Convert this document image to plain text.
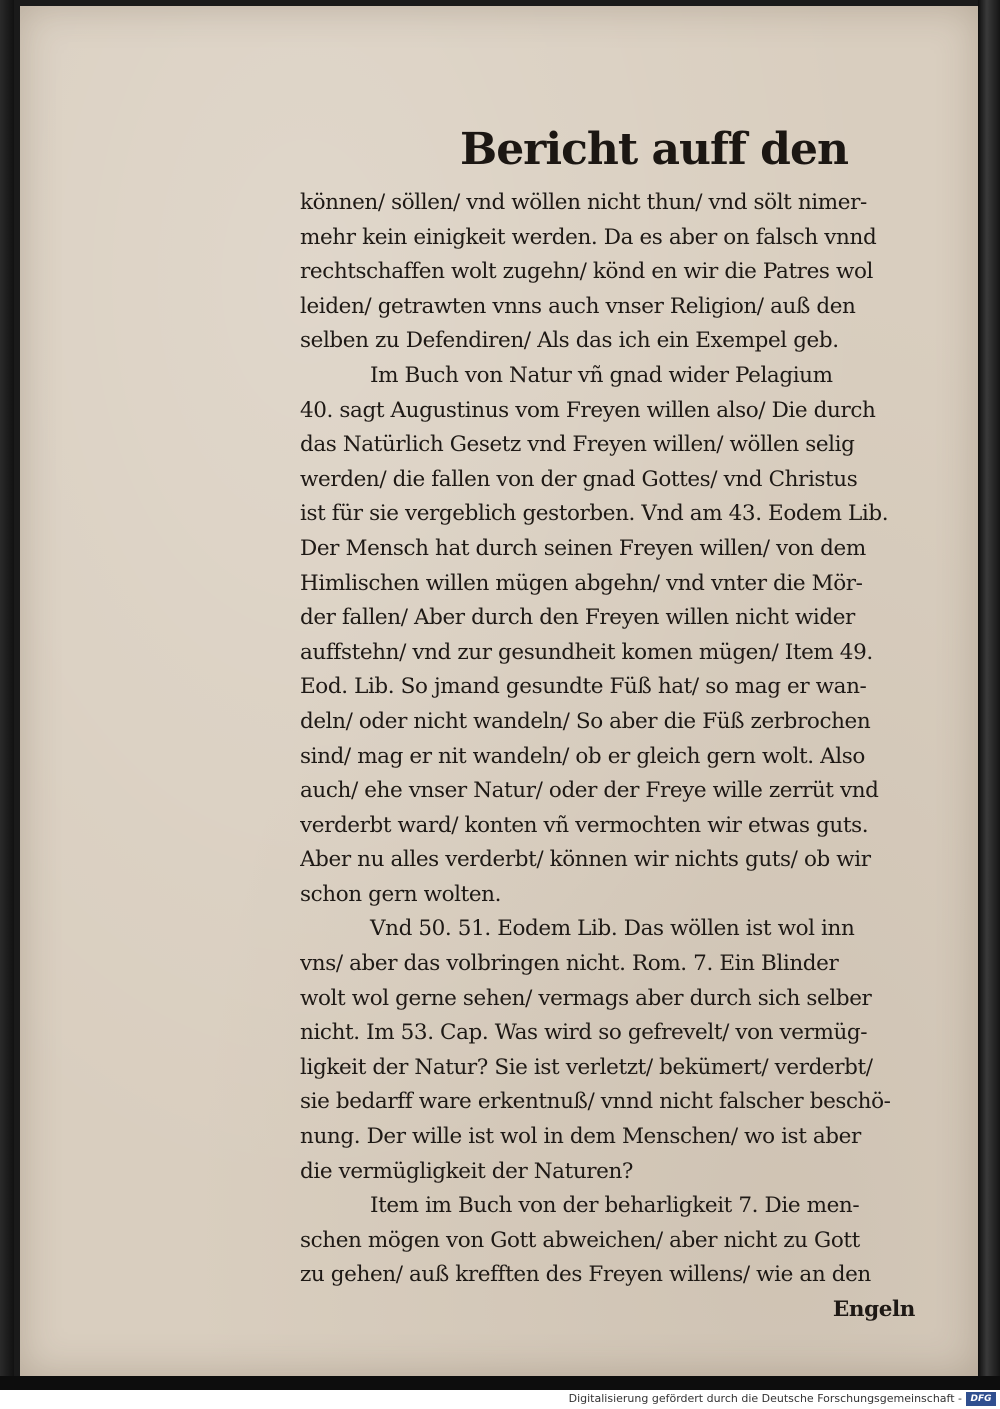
Bericht auff den
können/ söllen/ vnd wöllen nicht thun/ vnd sölt nimer-
mehr kein einigkeit werden. Da es aber on falsch vnnd
rechtschaffen wolt zugehn/ könd en wir die Patres wol
leiden/ getrawten vnns auch vnser Religion/ auß den
selben zu Defendiren/ Als das ich ein Exempel geb.
Im Buch von Natur vñ gnad wider Pelagium
40. sagt Augustinus vom Freyen willen also/ Die durch
das Natürlich Gesetz vnd Freyen willen/ wöllen selig
werden/ die fallen von der gnad Gottes/ vnd Christus
ist für sie vergeblich gestorben. Vnd am 43. Eodem Lib.
Der Mensch hat durch seinen Freyen willen/ von dem
Himlischen willen mügen abgehn/ vnd vnter die Mör-
der fallen/ Aber durch den Freyen willen nicht wider
auffstehn/ vnd zur gesundheit komen mügen/ Item 49.
Eod. Lib. So jmand gesundte Füß hat/ so mag er wan-
deln/ oder nicht wandeln/ So aber die Füß zerbrochen
sind/ mag er nit wandeln/ ob er gleich gern wolt. Also
auch/ ehe vnser Natur/ oder der Freye wille zerrüt vnd
verderbt ward/ konten vñ vermochten wir etwas guts.
Aber nu alles verderbt/ können wir nichts guts/ ob wir
schon gern wolten.
Vnd 50. 51. Eodem Lib. Das wöllen ist wol inn
vns/ aber das volbringen nicht. Rom. 7. Ein Blinder
wolt wol gerne sehen/ vermags aber durch sich selber
nicht. Im 53. Cap. Was wird so gefrevelt/ von vermüg-
ligkeit der Natur? Sie ist verletzt/ bekümert/ verderbt/
sie bedarff ware erkentnuß/ vnnd nicht falscher beschö-
nung. Der wille ist wol in dem Menschen/ wo ist aber
die vermügligkeit der Naturen?
Item im Buch von der beharligkeit 7. Die men-
schen mögen von Gott abweichen/ aber nicht zu Gott
zu gehen/ auß krefften des Freyen willens/ wie an den
Engeln
Digitalisierung gefördert durch die Deutsche Forschungsgemeinschaft - DFG
